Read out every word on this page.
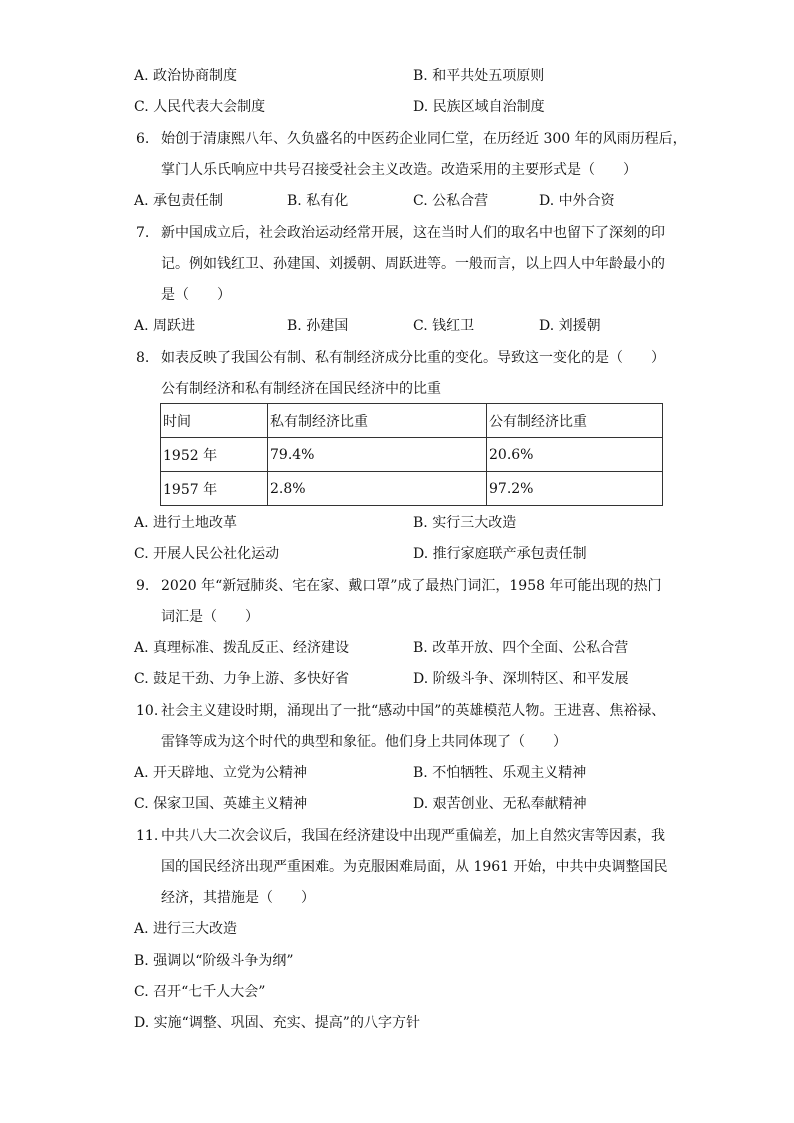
A. 政治协商制度	B. 和平共处五项原则
C. 人民代表大会制度	D. 民族区域自治制度
6. 始创于清康熙八年、久负盛名的中医药企业同仁堂，在历经近 300 年的风雨历程后，
掌门人乐氏响应中共号召接受社会主义改造。改造采用的主要形式是（　　）
A. 承包责任制	B. 私有化	C. 公私合营	D. 中外合资
7. 新中国成立后，社会政治运动经常开展，这在当时人们的取名中也留下了深刻的印
记。例如钱红卫、孙建国、刘援朝、周跃进等。一般而言，以上四人中年龄最小的
是（　　）
A. 周跃进	B. 孙建国	C. 钱红卫	D. 刘援朝
8. 如表反映了我国公有制、私有制经济成分比重的变化。导致这一变化的是（　　）
公有制经济和私有制经济在国民经济中的比重
时间	私有制经济比重	公有制经济比重
1952 年	79.4%	20.6%
1957 年	2.8%	97.2%
A. 进行土地改革	B. 实行三大改造
C. 开展人民公社化运动	D. 推行家庭联产承包责任制
9. 2020 年“新冠肺炎、宅在家、戴口罩”成了最热门词汇，1958 年可能出现的热门
词汇是（　　）
A. 真理标准、拨乱反正、经济建设	B. 改革开放、四个全面、公私合营
C. 鼓足干劲、力争上游、多快好省	D. 阶级斗争、深圳特区、和平发展
10. 社会主义建设时期，涌现出了一批“感动中国”的英雄模范人物。王进喜、焦裕禄、
雷锋等成为这个时代的典型和象征。他们身上共同体现了（　　）
A. 开天辟地、立党为公精神	B. 不怕牺牲、乐观主义精神
C. 保家卫国、英雄主义精神	D. 艰苦创业、无私奉献精神
11. 中共八大二次会议后，我国在经济建设中出现严重偏差，加上自然灾害等因素，我
国的国民经济出现严重困难。为克服困难局面，从 1961 开始，中共中央调整国民
经济，其措施是（　　）
A. 进行三大改造
B. 强调以“阶级斗争为纲”
C. 召开“七千人大会”
D. 实施“调整、巩固、充实、提高”的八字方针
